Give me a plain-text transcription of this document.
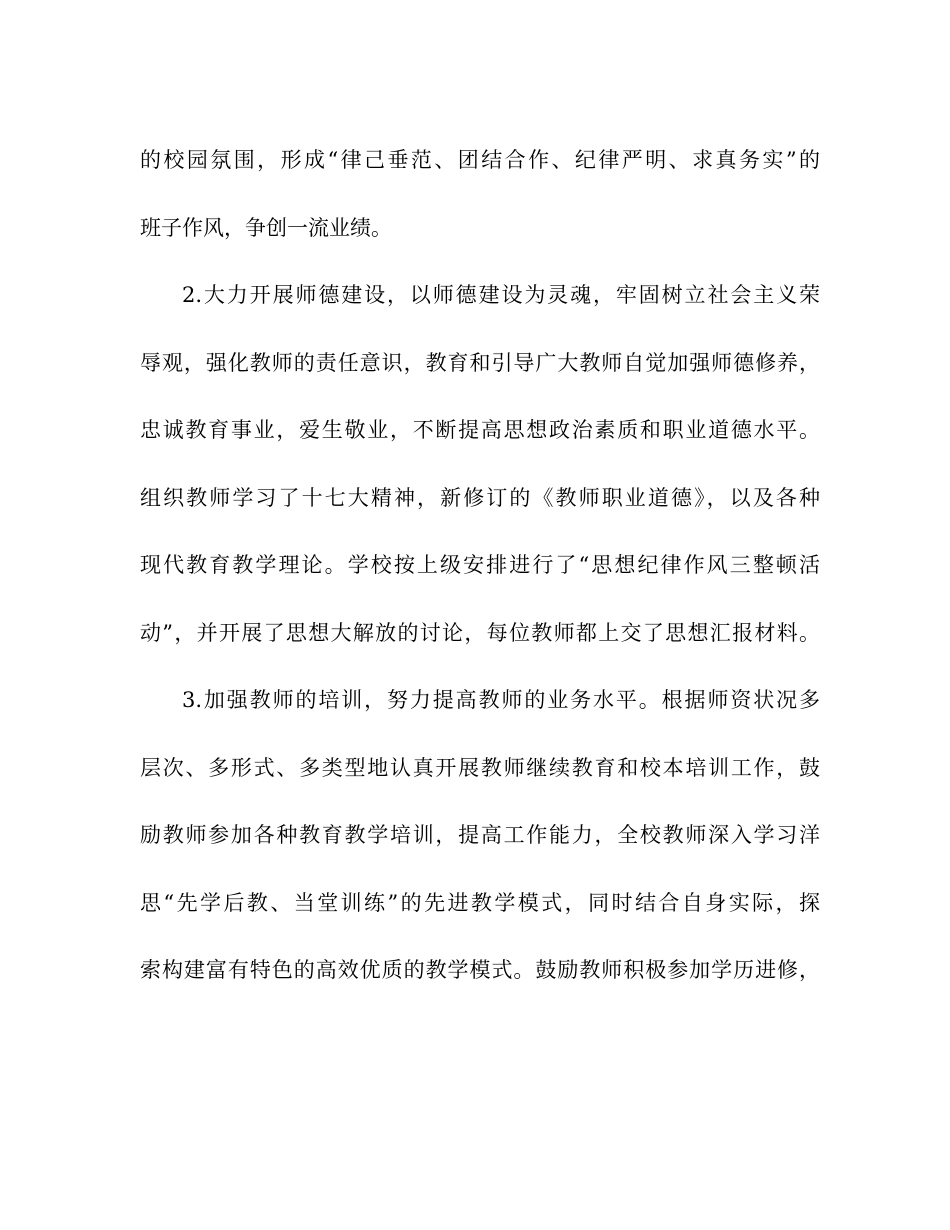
的校园氛围，形成“律己垂范、团结合作、纪律严明、求真务实”的
班子作风，争创一流业绩。
2.大力开展师德建设，以师德建设为灵魂，牢固树立社会主义荣
辱观，强化教师的责任意识，教育和引导广大教师自觉加强师德修养，
忠诚教育事业，爱生敬业，不断提高思想政治素质和职业道德水平。
组织教师学习了十七大精神，新修订的《教师职业道德》，以及各种
现代教育教学理论。学校按上级安排进行了“思想纪律作风三整顿活
动”，并开展了思想大解放的讨论，每位教师都上交了思想汇报材料。
3.加强教师的培训，努力提高教师的业务水平。根据师资状况多
层次、多形式、多类型地认真开展教师继续教育和校本培训工作，鼓
励教师参加各种教育教学培训，提高工作能力，全校教师深入学习洋
思“先学后教、当堂训练”的先进教学模式，同时结合自身实际，探
索构建富有特色的高效优质的教学模式。鼓励教师积极参加学历进修，
